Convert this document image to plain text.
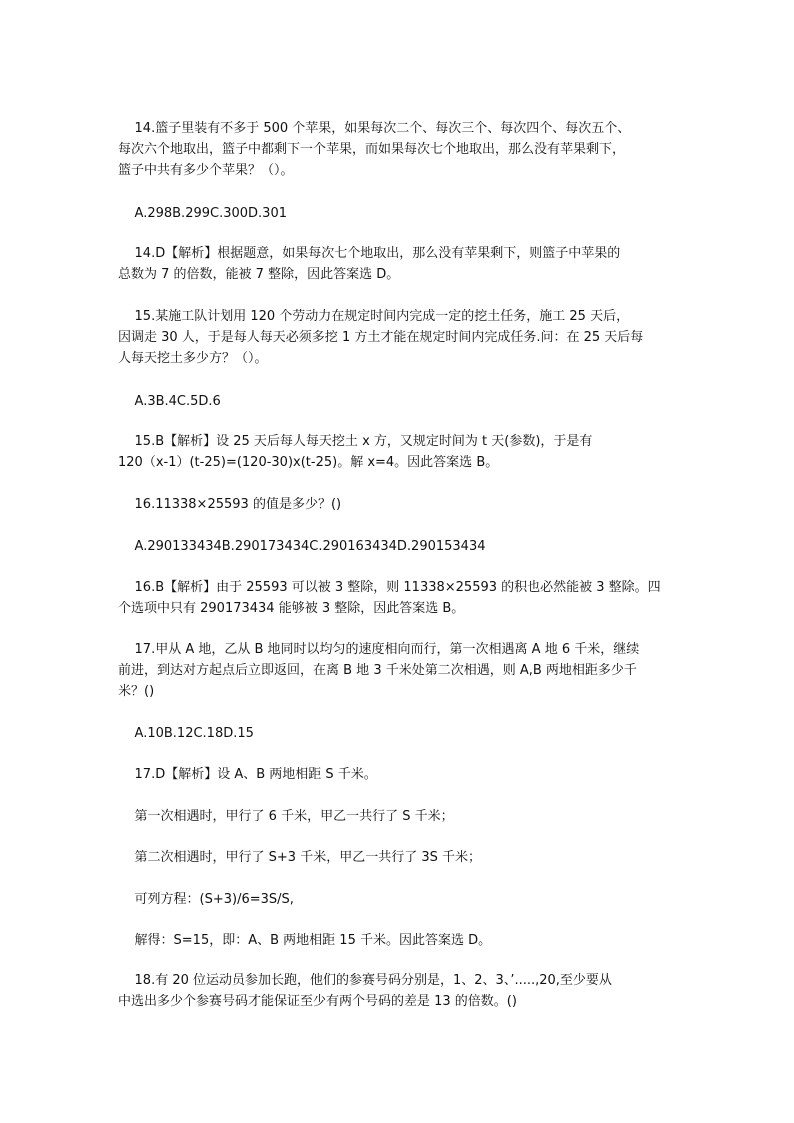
14.篮子里装有不多于 500 个苹果，如果每次二个、每次三个、每次四个、每次五个、
每次六个地取出，篮子中都剩下一个苹果，而如果每次七个地取出，那么没有苹果剩下，
篮子中共有多少个苹果？（）。

A.298B.299C.300D.301

14.D【解析】根据题意，如果每次七个地取出，那么没有苹果剩下，则篮子中苹果的
总数为 7 的倍数，能被 7 整除，因此答案选 D。

15.某施工队计划用 120 个劳动力在规定时间内完成一定的挖土任务，施工 25 天后，
因调走 30 人，于是每人每天必须多挖 1 方土才能在规定时间内完成任务.问：在 25 天后每
人每天挖土多少方？（）。

A.3B.4C.5D.6

15.B【解析】设 25 天后每人每天挖土 x 方，又规定时间为 t 天(参数)，于是有
120（x-1）(t-25)=(120-30)x(t-25)。解 x=4。因此答案选 B。

16.11338×25593 的值是多少？()

A.290133434B.290173434C.290163434D.290153434

16.B【解析】由于 25593 可以被 3 整除，则 11338×25593 的积也必然能被 3 整除。四
个选项中只有 290173434 能够被 3 整除，因此答案选 B。

17.甲从 A 地，乙从 B 地同时以均匀的速度相向而行，第一次相遇离 A 地 6 千米，继续
前进，到达对方起点后立即返回，在离 B 地 3 千米处第二次相遇，则 A,B 两地相距多少千
米？()

A.10B.12C.18D.15

17.D【解析】设 A、B 两地相距 S 千米。

第一次相遇时，甲行了 6 千米，甲乙一共行了 S 千米；

第二次相遇时，甲行了 S+3 千米，甲乙一共行了 3S 千米；

可列方程：(S+3)/6=3S/S,

解得：S=15，即：A、B 两地相距 15 千米。因此答案选 D。

18.有 20 位运动员参加长跑，他们的参赛号码分别是，1、2、3、’.....,20,至少要从
中选出多少个参赛号码才能保证至少有两个号码的差是 13 的倍数。()
